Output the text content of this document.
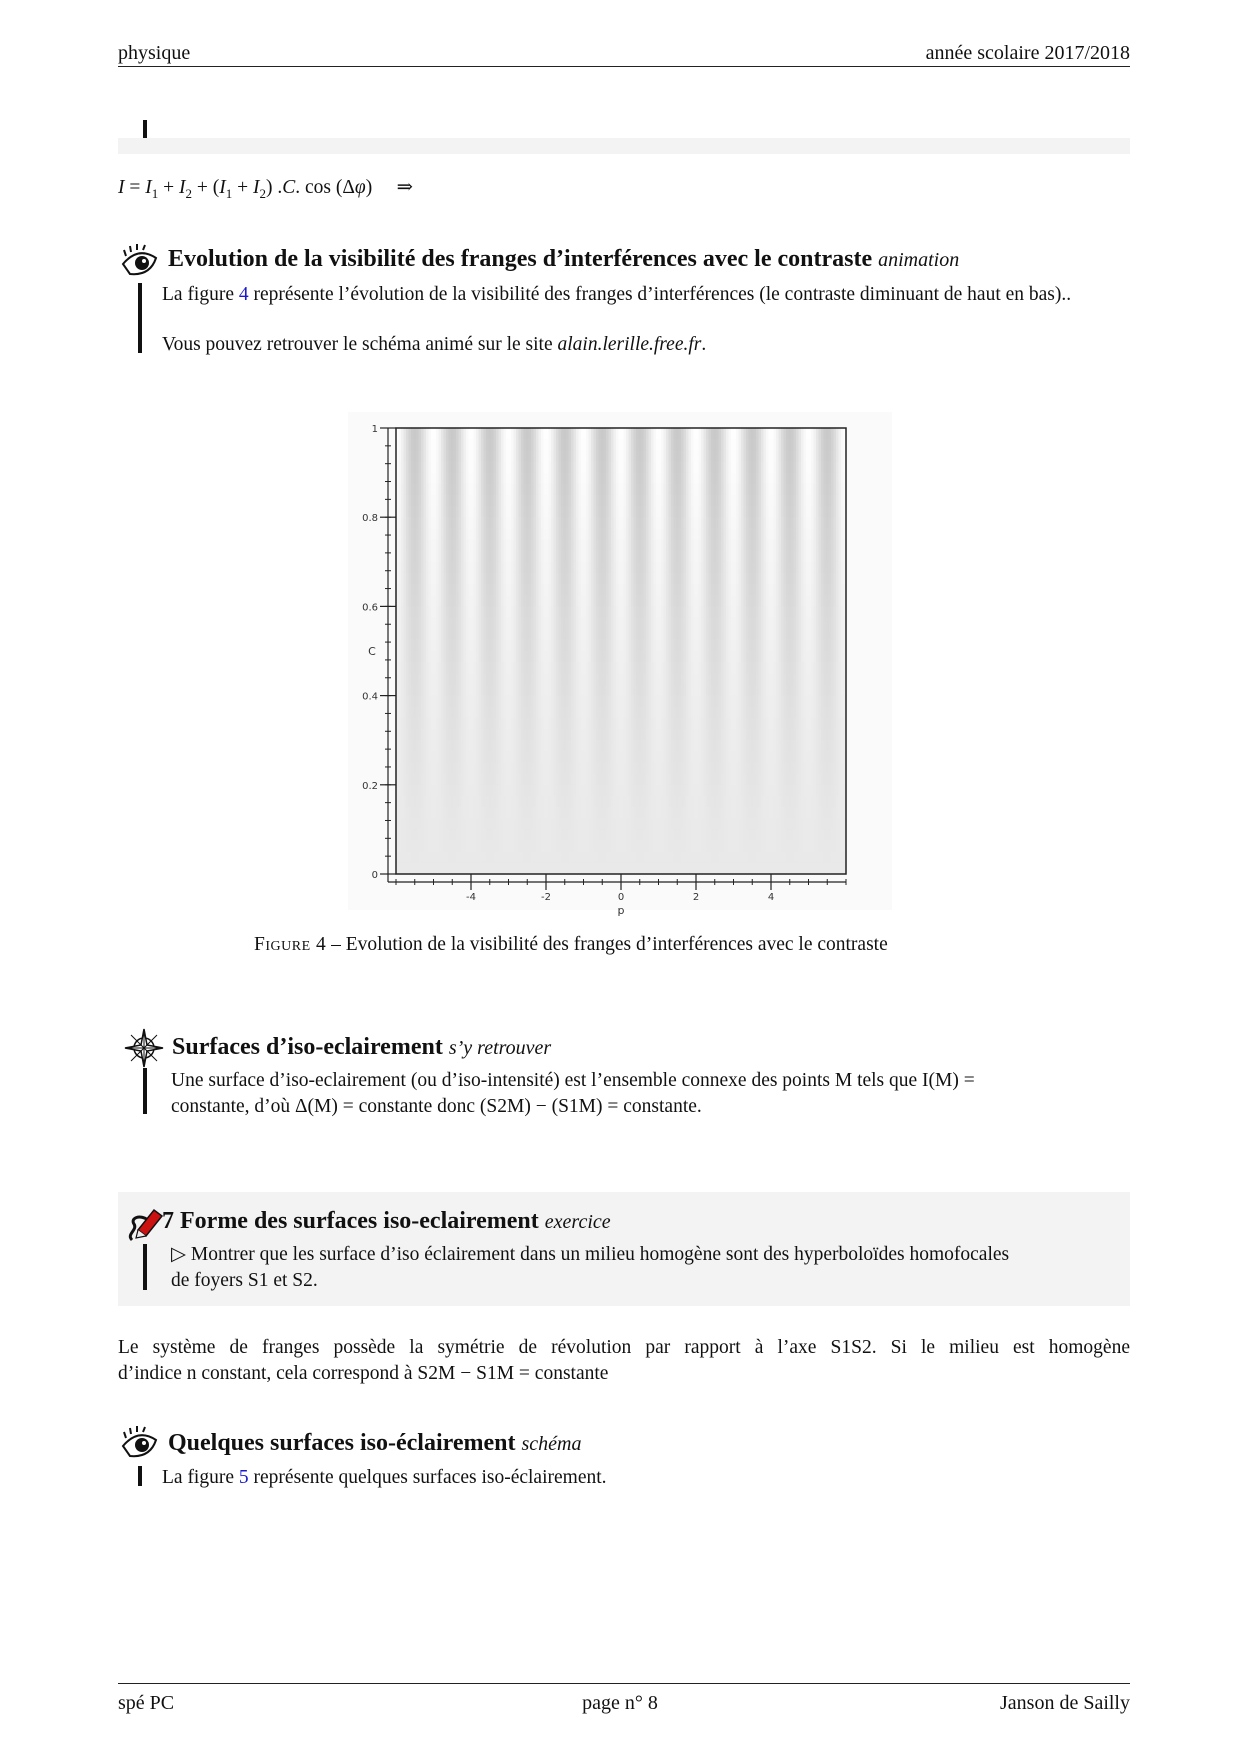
physique	année scolaire 2017/2018
$I = I_1 + I_2 + (I_1 + I_2)$ .C. cos (Δφ)     ⇒
Evolution de la visibilité des franges d’interférences avec le contraste animation
La figure 4 représente l’évolution de la visibilité des franges d’interférences (le contraste diminuant de haut en bas)..
Vous pouvez retrouver le schéma animé sur le site alain.lerille.free.fr.
0
0.2
0.4
0.6
0.8
1
-4	-2	0	2	4
p
C
Figure 4 – Evolution de la visibilité des franges d’interférences avec le contraste
Surfaces d’iso-eclairement s’y retrouver
Une surface d’iso-eclairement (ou d’iso-intensité) est l’ensemble connexe des points M tels que I(M) =
constante, d’où Δ(M) = constante donc (S2M) − (S1M) = constante.
7 Forme des surfaces iso-eclairement exercice
▷ Montrer que les surface d’iso éclairement dans un milieu homogène sont des hyperboloïdes homofocales
de foyers S1 et S2.
Le système de franges possède la symétrie de révolution par rapport à l’axe S1S2. Si le milieu est homogène
d’indice n constant, cela correspond à S2M − S1M = constante
Quelques surfaces iso-éclairement schéma
La figure 5 représente quelques surfaces iso-éclairement.
spé PC	page n° 8	Janson de Sailly
